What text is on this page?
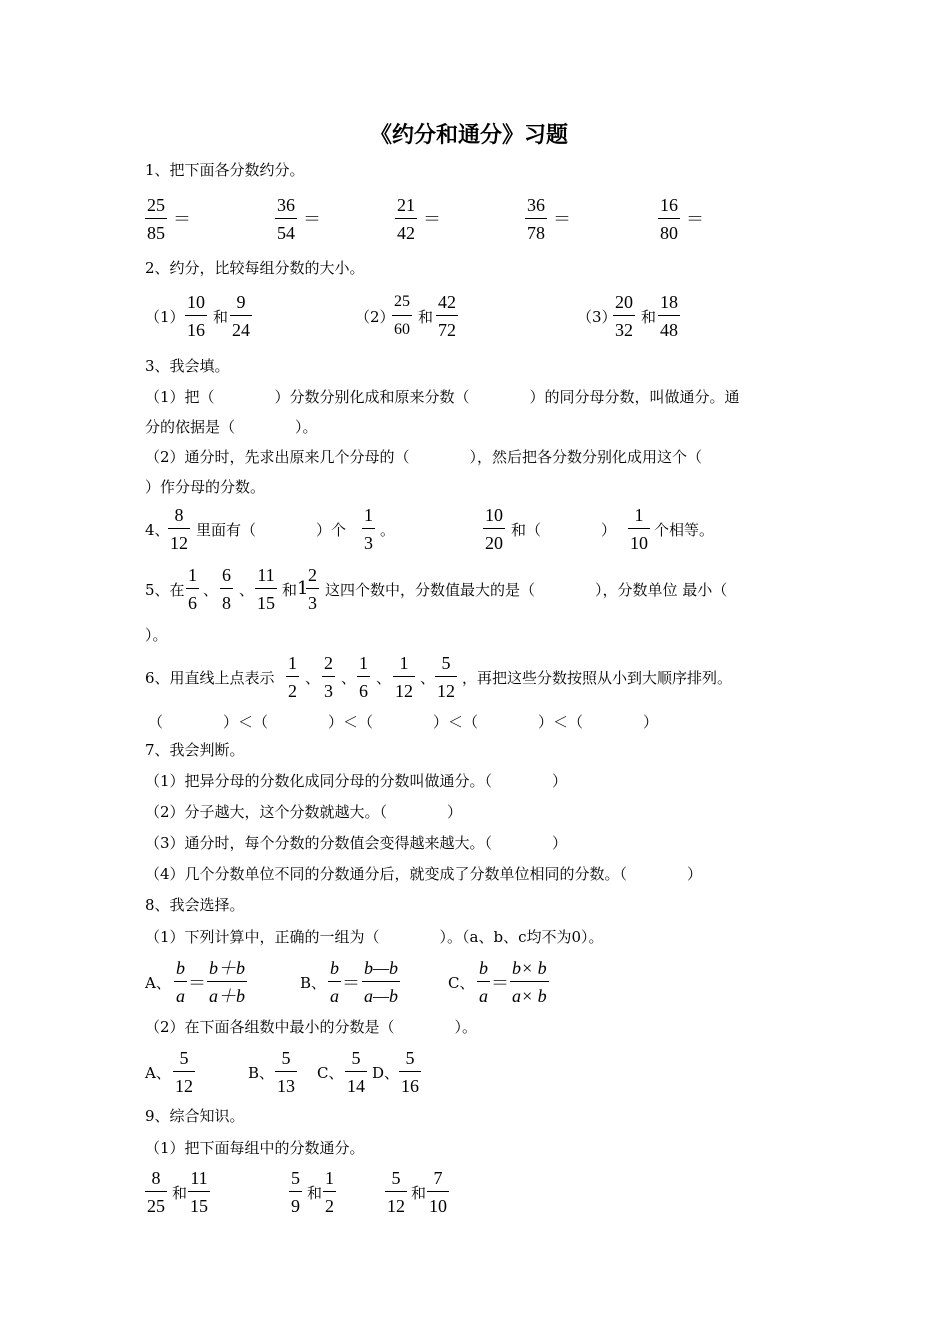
《约分和通分》习题
1、把下面各分数约分。
25
85
＝
36
54
＝
21
42
＝
36
78
＝
16
80
＝
2、约分，比较每组分数的大小。
（1）
10
16
和
9
24
（2）
25
60
和
42
72
（3）
20
32
和
18
48
3、我会填。
（1）把（　　　　）分数分别化成和原来分数（　　　　）的同分母分数，叫做通分。通
分的依据是（　　　　）。
（2）通分时，先求出原来几个分母的（　　　　），然后把各分数分别化成用这个（
）作分母的分数。
4、
8
12
里面有（　　　　）个
1
3
。
10
20
和（　　　　）
1
10
个相等。
5、在
1
6
、
6
8
、
11
15
和 1
2
3
这四个数中，分数值最大的是（　　　　），分数单位 最小（
）。
6、用直线上点表示
1
2
、
2
3
、
1
6
、
1
12
、
5
12
，再把这些分数按照从小到大顺序排列。
（　　　　）＜（　　　　）＜（　　　　）＜（　　　　）＜（　　　　）
7、我会判断。
（1）把异分母的分数化成同分母的分数叫做通分。（　　　　）
（2）分子越大，这个分数就越大。（　　　　）
（3）通分时，每个分数的分数值会变得越来越大。（　　　　）
（4）几个分数单位不同的分数通分后，就变成了分数单位相同的分数。（　　　　）
8、我会选择。
（1）下列计算中，正确的一组为（　　　　）。（a、b、c均不为0）。
A、
b
a
＝
b＋b
a＋b
B、
b
a
＝
b—b
a—b
C、
b
a
＝
b× b
a× b
（2）在下面各组数中最小的分数是（　　　　）。
A、
5
12
B、
5
13
C、
5
14
D、
5
16
9、综合知识。
（1）把下面每组中的分数通分。
8
25
和
11
15
5
9
和
1
2
5
12
和
7
10
